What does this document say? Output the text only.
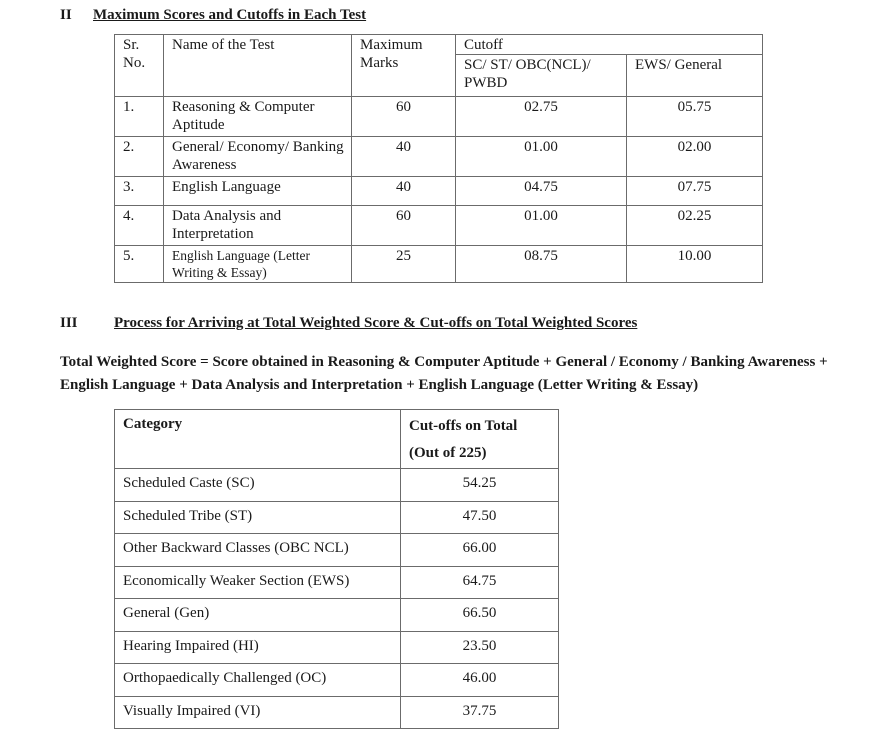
II Maximum Scores and Cutoffs in Each Test
Sr. No.	Name of the Test	Maximum Marks	Cutoff	
			SC/ ST/ OBC(NCL)/ PWBD	EWS/ General
1.	Reasoning & Computer Aptitude	60	02.75	05.75
2.	General/ Economy/ Banking Awareness	40	01.00	02.00
3.	English Language	40	04.75	07.75
4.	Data Analysis and Interpretation	60	01.00	02.25
5.	English Language (Letter Writing & Essay)	25	08.75	10.00
III Process for Arriving at Total Weighted Score & Cut-offs on Total Weighted Scores
Total Weighted Score = Score obtained in Reasoning & Computer Aptitude + General / Economy / Banking Awareness + English Language + Data Analysis and Interpretation + English Language (Letter Writing & Essay)
Category	Cut-offs on Total
(Out of 225)

Scheduled Caste (SC)	54.25
Scheduled Tribe (ST)	47.50
Other Backward Classes (OBC NCL)	66.00
Economically Weaker Section (EWS)	64.75
General (Gen)	66.50
Hearing Impaired (HI)	23.50
Orthopaedically Challenged (OC)	46.00
Visually Impaired (VI)	37.75
